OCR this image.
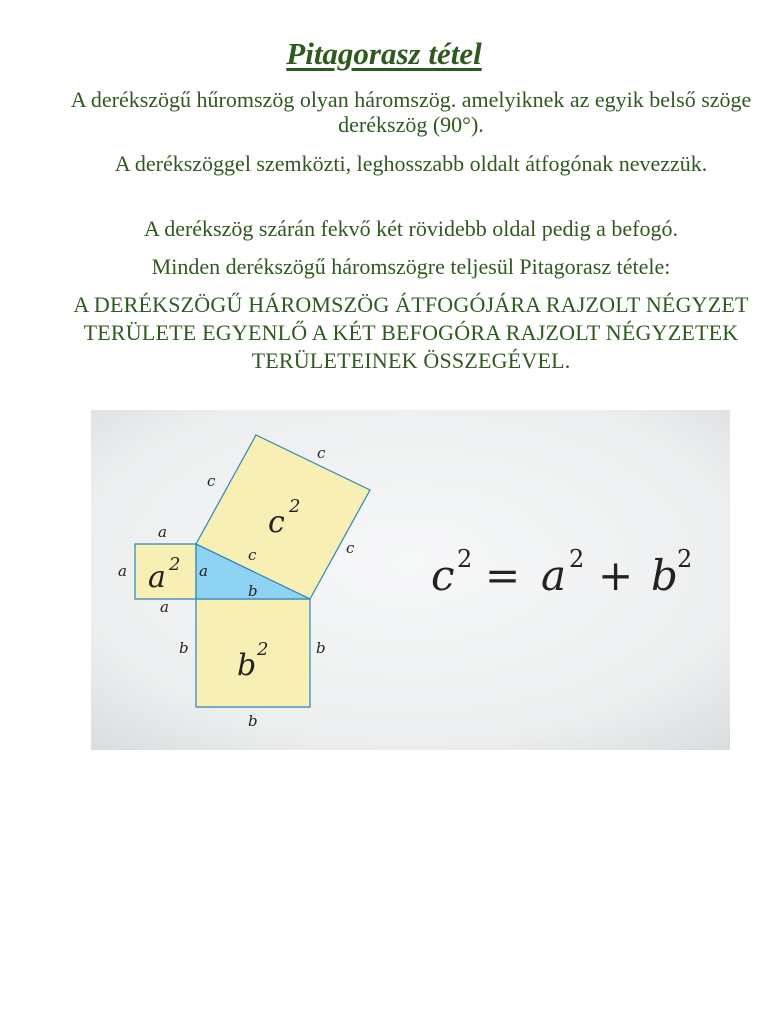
Pitagorasz tétel

A derékszögű hűromszög olyan háromszög. amelyiknek az egyik belső szöge derékszög (90°).

A derékszöggel szemközti, leghosszabb oldalt átfogónak nevezzük.

A derékszög szárán fekvő két rövidebb oldal pedig a befogó.

Minden derékszögű háromszögre teljesül Pitagorasz tétele:

A DERÉKSZÖGŰ HÁROMSZÖG ÁTFOGÓJÁRA RAJZOLT NÉGYZET TERÜLETE EGYENLŐ A KÉT BEFOGÓRA RAJZOLT NÉGYZETEK TERÜLETEINEK ÖSSZEGÉVEL.

a 2
b 2
c 2
a
a
a
a
b	b
b
b
c
c
c
c	c 2 = a 2 + b 2
